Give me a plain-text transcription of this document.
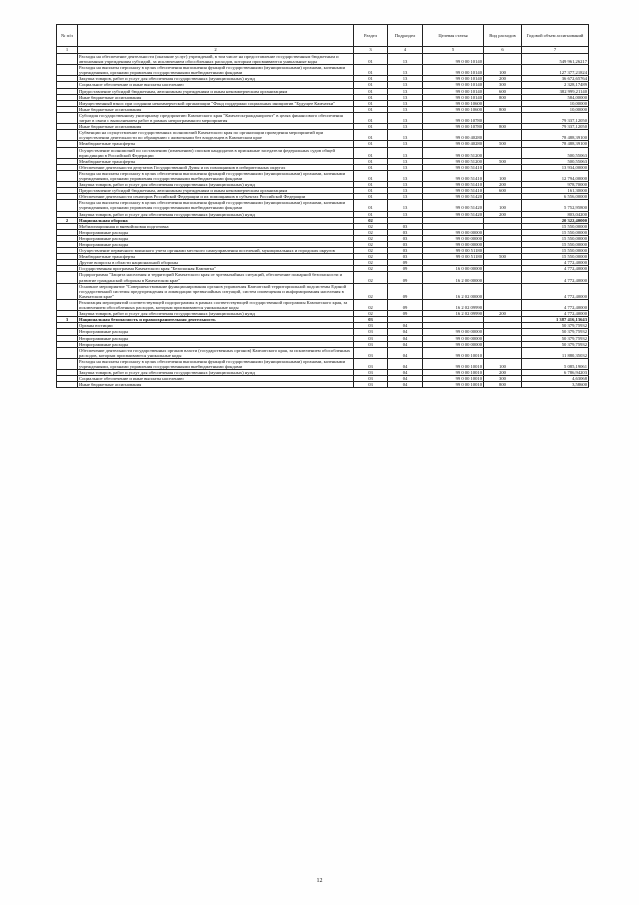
№ п/п		Раздел	Подраздел	Целевая статья	Вид расходов	Годовой объем ассигнований
1	2	3	4	5	6	7
	Расходы на обеспечение деятельности (оказание услуг) учреждений, в том числе на предоставление государственным бюджетным и автономным учреждениям субсидий, за исключением обособленных расходов, которым присваиваются уникальные коды	01	13	99 0 00 10140		549 961,26217
	Расходы на выплаты персоналу в целях обеспечения выполнения функций государственными (муниципальными) органами, казенными учреждениями, органами управления государственными внебюджетными фондами	01	13	99 0 00 10140	100	127 377,21824
	Закупка товаров, работ и услуг для обеспечения государственных (муниципальных) нужд	01	13	99 0 00 10140	200	36 672,65764
	Социальное обеспечение и иные выплаты населению	01	13	99 0 00 10140	300	2 328,17489
	Предоставление субсидий бюджетным, автономным учреждениям и иным некоммерческим организациям	01	13	99 0 00 10140	600	382 999,21140
	Иные бюджетные ассигнования	01	13	99 0 00 10140	800	584,00000
	Имущественный взнос при создании некоммерческой организации "Фонд поддержки социальных инициатив "Будущее Камчатки"	01	13	99 0 00 10600		10,00000
	Иные бюджетные ассигнования	01	13	99 0 00 10600	800	10,00000
	Субсидия государственному унитарному предприятию Камчатского края "Камчатскгражданпроект" в целях финансового обеспечения затрат в связи с выполнением работ в рамках непрограммного мероприятия	01	13	99 0 00 10780		79 337,12050
	Иные бюджетные ассигнования	01	13	99 0 00 10780	800	79 337,12050
	Субвенции на осуществление государственных полномочий Камчатского края по организации проведения мероприятий при осуществлении деятельности по обращению с животными без владельцев в Камчатском крае	01	13	99 0 00 40280		78 488,39100
	Межбюджетные трансферты	01	13	99 0 00 40280	500	78 488,39100
	Осуществление полномочий по составлению (изменению) списков кандидатов в присяжные заседатели федеральных судов общей юрисдикции в Российской Федерации	01	13	99 0 00 51200		500,55063
	Межбюджетные трансферты	01	13	99 0 00 51200	500	500,55063
	Обеспечение деятельности депутатов Государственной Думы и их помощников в избирательных округах	01	13	99 0 00 51410		13 934,00000
	Расходы на выплаты персоналу в целях обеспечения выполнения функций государственными (муниципальными) органами, казенными учреждениями, органами управления государственными внебюджетными фондами	01	13	99 0 00 51410	100	12 794,00000
	Закупка товаров, работ и услуг для обеспечения государственных (муниципальных) нужд	01	13	99 0 00 51410	200	978,70000
	Предоставление субсидий бюджетным, автономным учреждениям и иным некоммерческим организациям	01	13	99 0 00 51410	600	161,30000
	Обеспечение деятельности сенаторов Российской Федерации и их помощников в субъектах Российской Федерации	01	13	99 0 00 51420		6 556,00000
	Расходы на выплаты персоналу в целях обеспечения выполнения функций государственными (муниципальными) органами, казенными учреждениями, органами управления государственными внебюджетными фондами	01	13	99 0 00 51420	100	5 752,95800
	Закупка товаров, работ и услуг для обеспечения государственных (муниципальных) нужд	01	13	99 0 00 51420	200	803,04200
2	Национальная оборона	02				20 322,40000
	Мобилизационная и вневойсковая подготовка	02	03			15 550,00000
	Непрограммные расходы	02	03	99 0 00 00000		15 550,00000
	Непрограммные расходы	02	03	99 0 00 00000		15 550,00000
	Непрограммные расходы	02	03	99 0 00 00000		15 550,00000
	Осуществление первичного воинского учета органами местного самоуправления поселений, муниципальных и городских округов	02	03	99 0 00 51180		15 550,00000
	Межбюджетные трансферты	02	03	99 0 00 51180	500	15 550,00000
	Другие вопросы в области национальной обороны	02	09			4 772,40000
	Государственная программа Камчатского края "Безопасная Камчатка"	02	09	16 0 00 00000		4 772,40000
	Подпрограмма "Защита населения и территорий Камчатского края от чрезвычайных ситуаций, обеспечение пожарной безопасности и развитие гражданской обороны в Камчатском крае"	02	09	16 2 00 00000		4 772,40000
	Основное мероприятие "Совершенствование функционирования органов управления Камчатской территориальной подсистемы Единой государственной системы предупреждения и ликвидации чрезвычайных ситуаций, систем оповещения и информирования населения в Камчатском крае"	02	09	16 2 02 00000		4 772,40000
	Реализация мероприятий соответствующей подпрограммы в рамках соответствующей государственной программы Камчатского края, за исключением обособленных расходов, которым присваиваются уникальные коды	02	09	16 2 02 09990		4 772,40000
	Закупка товаров, работ и услуг для обеспечения государственных (муниципальных) нужд	02	09	16 2 02 09990	200	4 772,40000
3	Национальная безопасность и правоохранительная деятельность	03				1 387 416,13643
	Органы юстиции	03	04			50 379,75932
	Непрограммные расходы	03	04	99 0 00 00000		50 379,75932
	Непрограммные расходы	03	04	99 0 00 00000		50 379,75932
	Непрограммные расходы	03	04	99 0 00 00000		50 379,75932
	Обеспечение деятельности государственных органов власти (государственных органов) Камчатского края, за исключением обособленных расходов, которым присваиваются уникальные коды	03	04	99 0 00 10010		11 880,35032
	Расходы на выплаты персоналу в целях обеспечения выполнения функций государственными (муниципальными) органами, казенными учреждениями, органами управления государственными внебюджетными фондами	03	04	99 0 00 10010	100	5 085,19061
	Закупка товаров, работ и услуг для обеспечения государственных (муниципальных) нужд	03	04	99 0 00 10010	200	6 786,94203
	Социальное обеспечение и иные выплаты населению	03	04	99 0 00 10010	300	4,63068
	Иные бюджетные ассигнования	03	04	99 0 00 10010	800	3,58600
12
